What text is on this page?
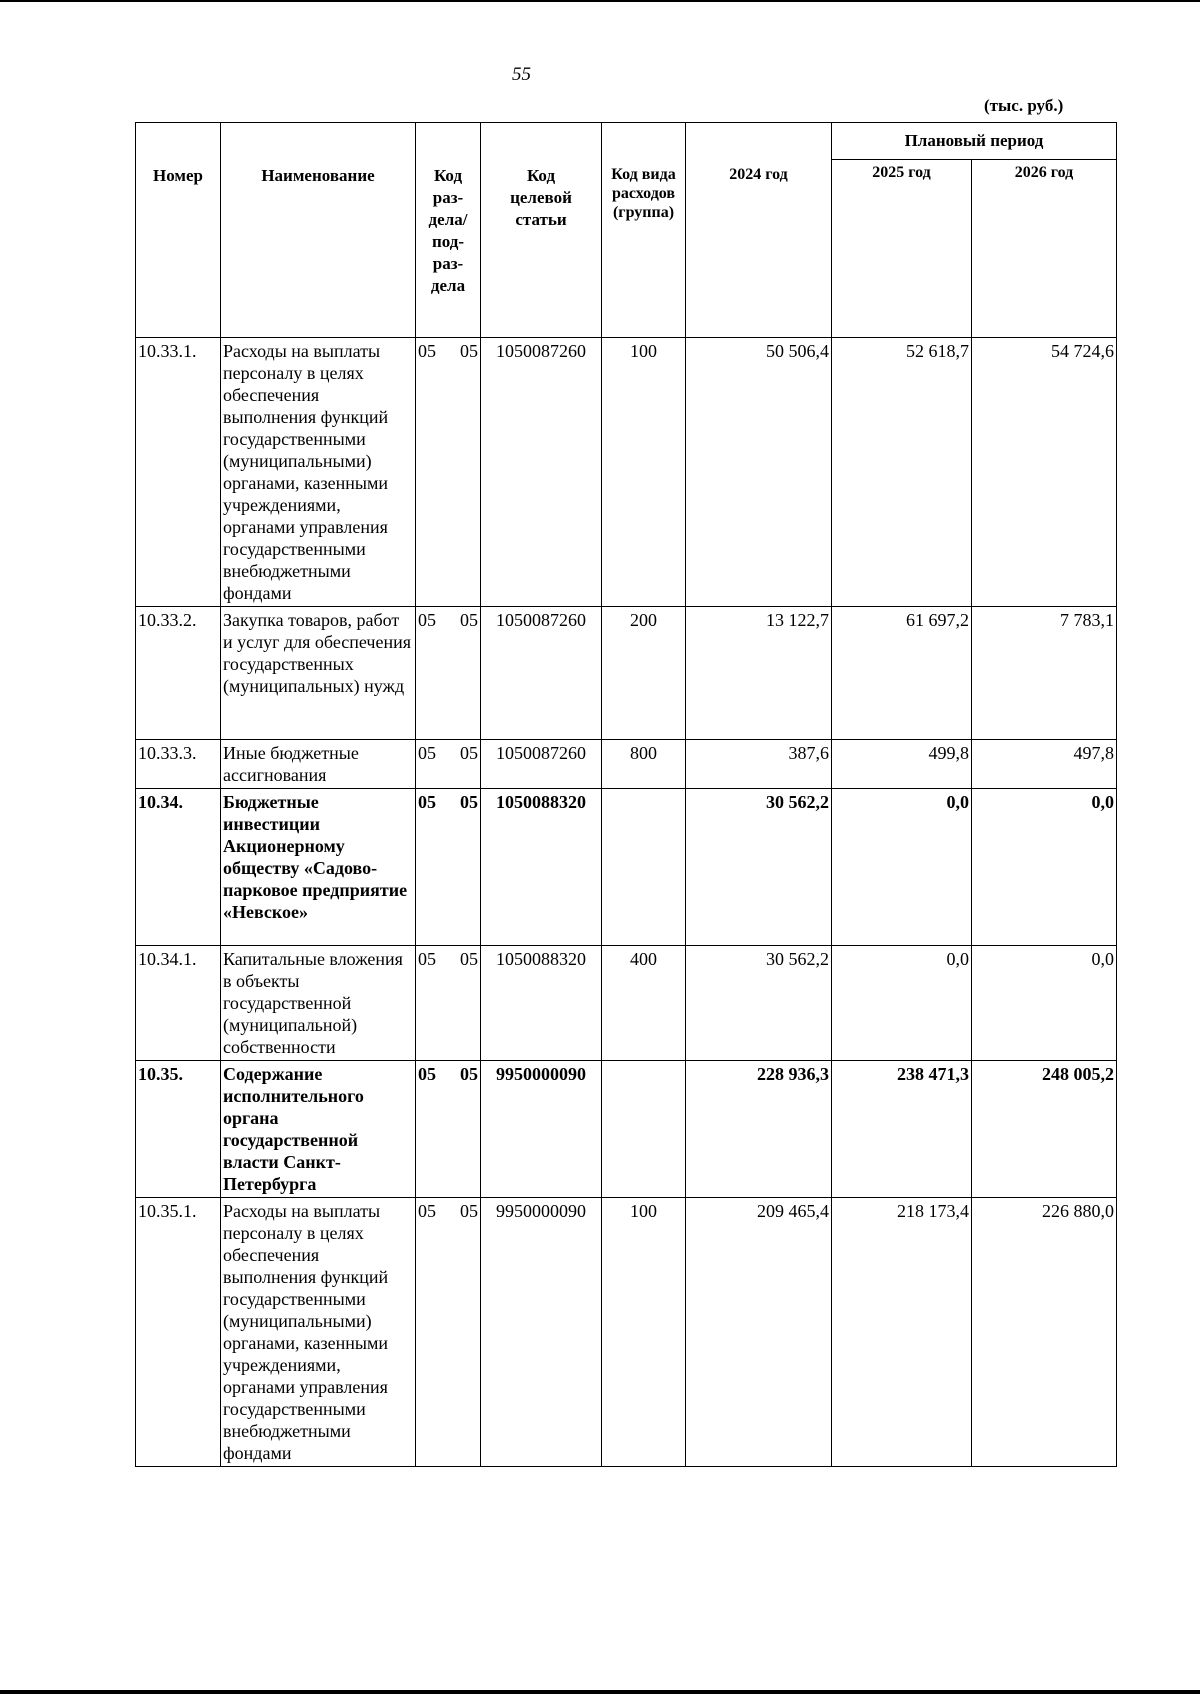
55
(тыс. руб.)
Номер	Наименование	Код раз-дела/ под-раз-дела	Код целевой статьи	Код вида расходов (группа)	2024 год	Плановый период	
						2025 год	2026 год
10.33.1.	Расходы на выплаты персоналу в целях обеспечения выполнения функций государственными (муниципальными) органами, казенными учреждениями, органами управления государственными внебюджетными фондами	05 05	1050087260	100	50 506,4	52 618,7	54 724,6
10.33.2.	Закупка товаров, работ и услуг для обеспечения государственных (муниципальных) нужд	05 05	1050087260	200	13 122,7	61 697,2	7 783,1
10.33.3.	Иные бюджетные ассигнования	05 05	1050087260	800	387,6	499,8	497,8
10.34.	Бюджетные инвестиции Акционерному обществу «Садово-парковое предприятие «Невское»	05 05	1050088320		30 562,2	0,0	0,0
10.34.1.	Капитальные вложения в объекты государственной (муниципальной) собственности	05 05	1050088320	400	30 562,2	0,0	0,0
10.35.	Содержание исполнительного органа государственной власти Санкт-Петербурга	05 05	9950000090		228 936,3	238 471,3	248 005,2
10.35.1.	Расходы на выплаты персоналу в целях обеспечения выполнения функций государственными (муниципальными) органами, казенными учреждениями, органами управления государственными внебюджетными фондами	05 05	9950000090	100	209 465,4	218 173,4	226 880,0
